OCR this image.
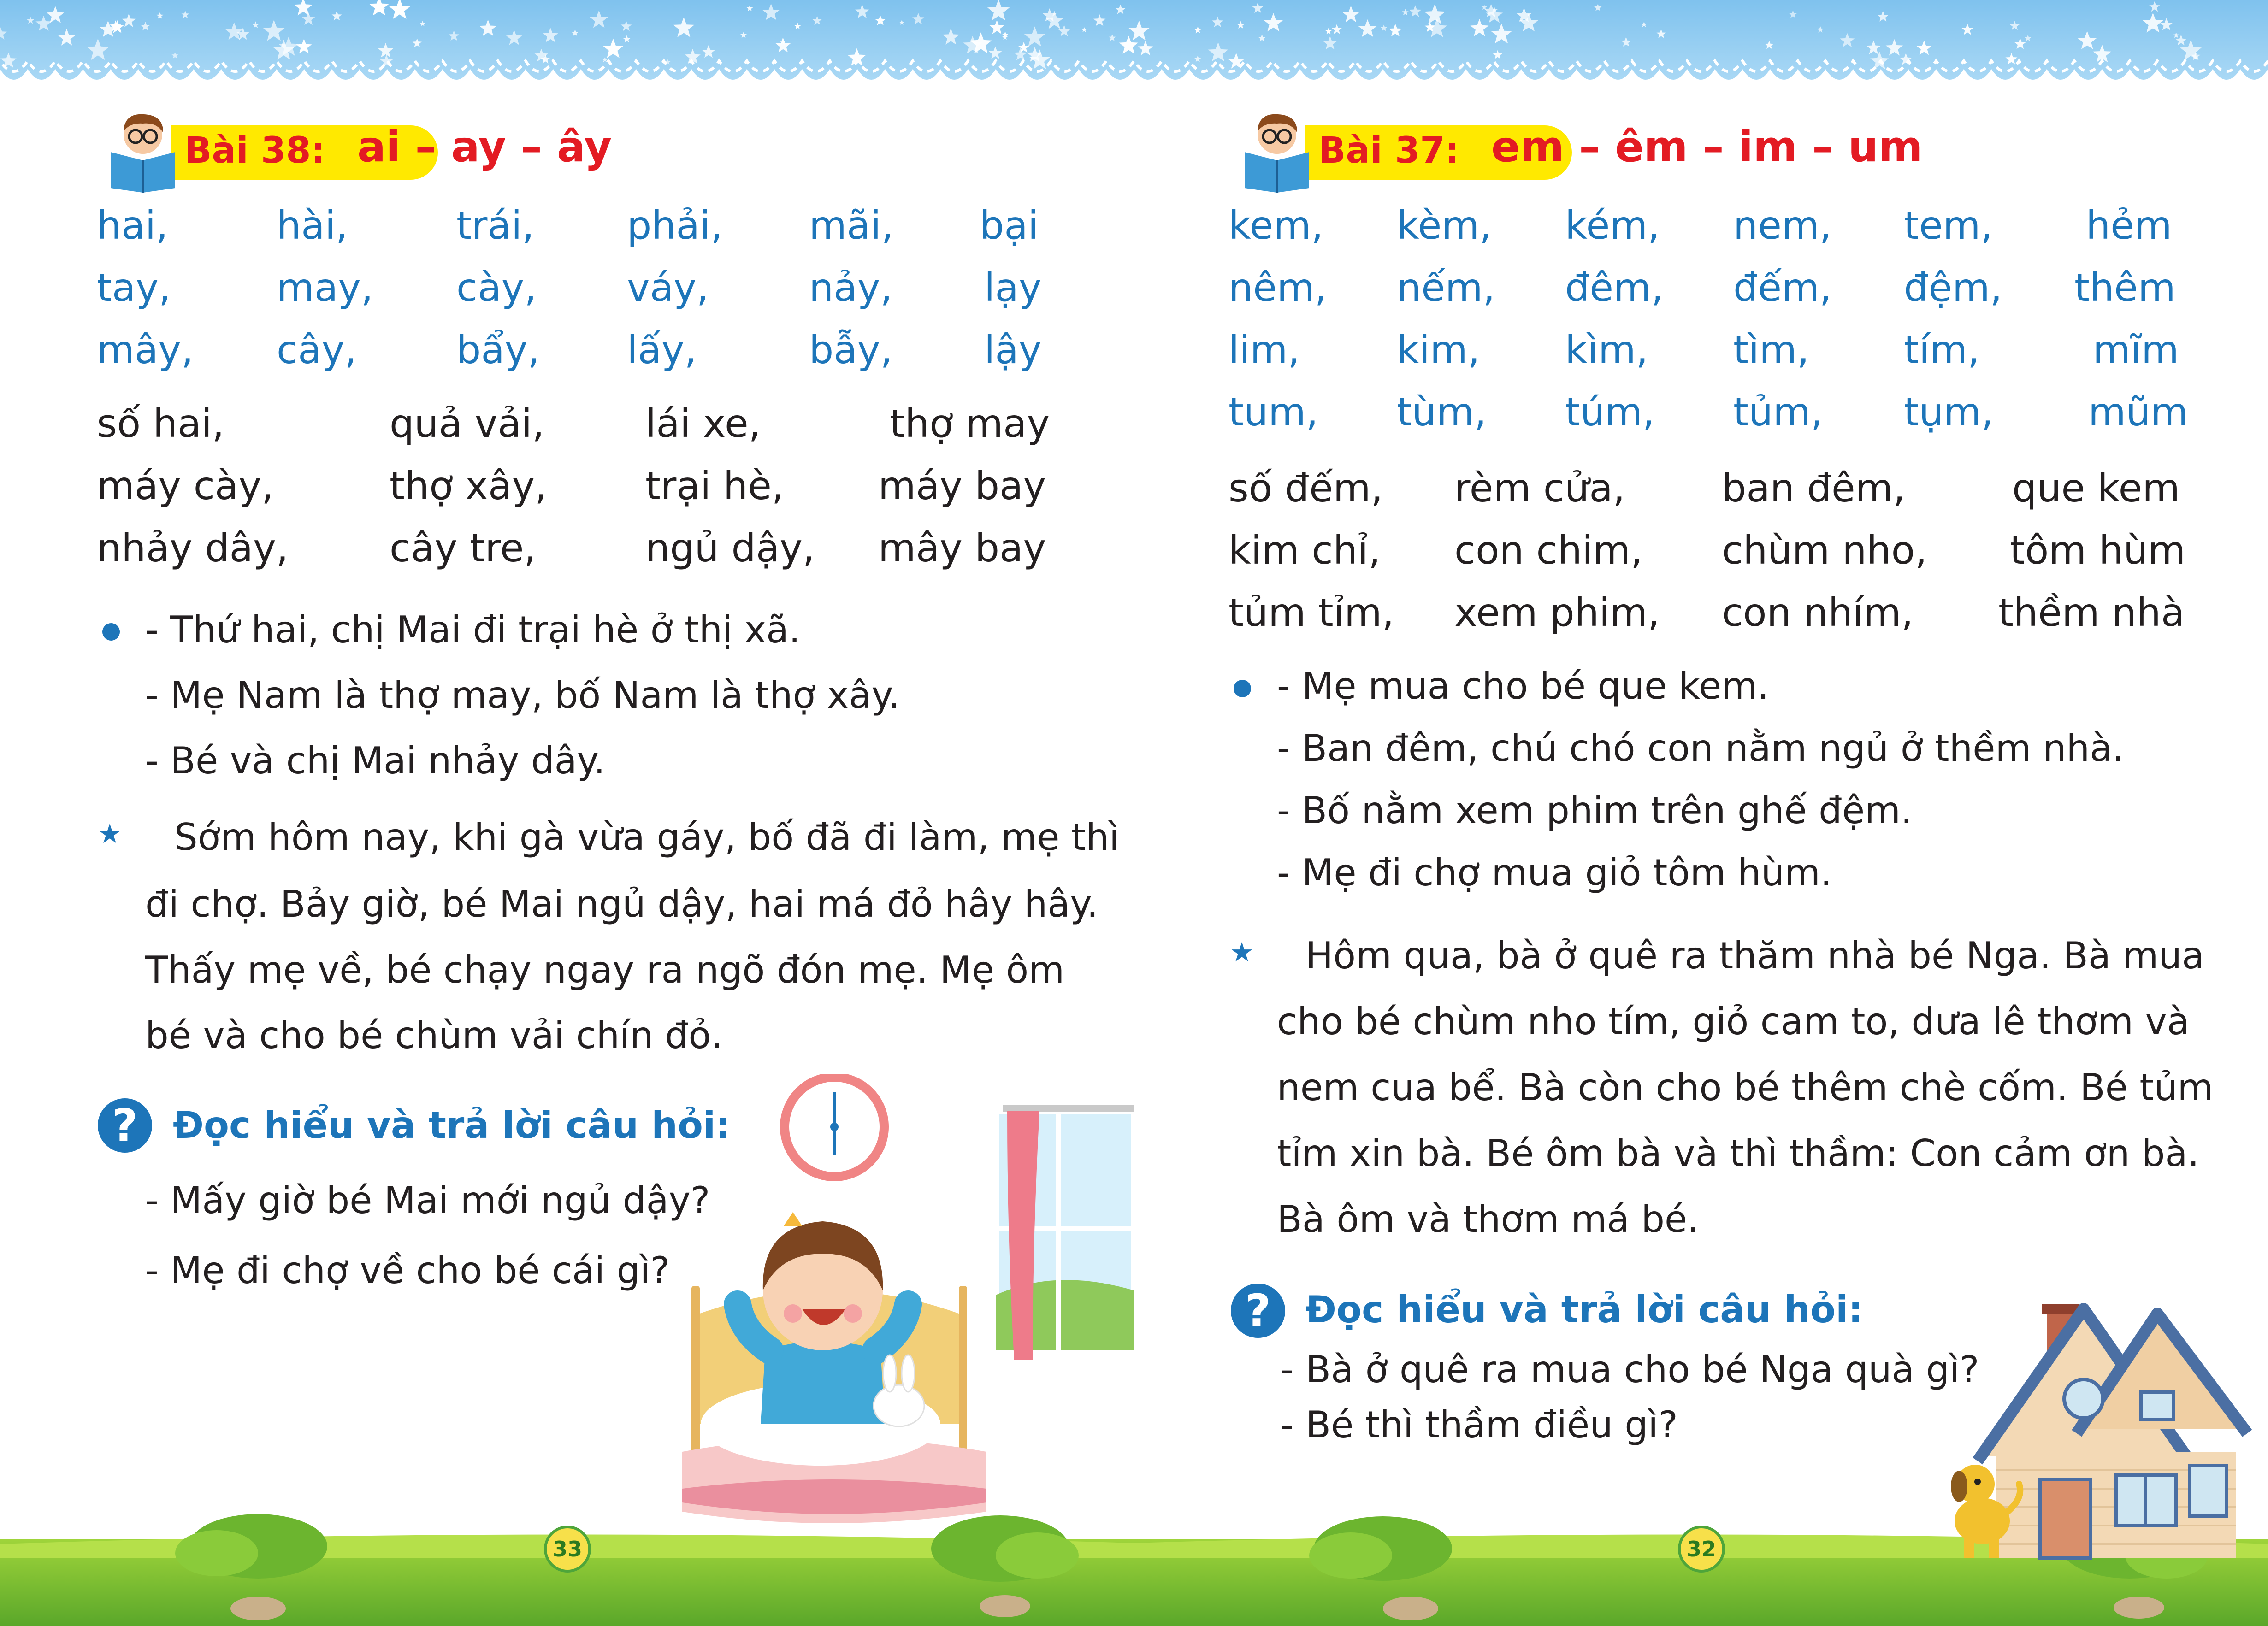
Bài 38: ai – ay – ây
hai,	hài,	trái, phải, mãi, bại
tay,	may, cày, váy,	nảy, lạy
mây, cây,	bẩy, lấy,	bẫy, lậy
số hai,	quả vải,	lái xe,	thợ may
máy cày,	thợ xây,	trại hè, máy bay
nhảy dây,	cây tre,	ngủ dậy, mây bay
- Thứ hai, chị Mai đi trại hè ở thị xã.
- Mẹ Nam là thợ may, bố Nam là thợ xây.
- Bé và chị Mai nhảy dây.
★ Sớm hôm nay, khi gà vừa gáy, bố đã đi làm, mẹ thì
đi chợ. Bảy giờ, bé Mai ngủ dậy, hai má đỏ hây hây.
Thấy mẹ về, bé chạy ngay ra ngõ đón mẹ. Mẹ ôm
bé và cho bé chùm vải chín đỏ.
? Đọc hiểu và trả lời câu hỏi:
- Mấy giờ bé Mai mới ngủ dậy?
- Mẹ đi chợ về cho bé cái gì?
33
Bài 37: em – êm – im – um
kem, kèm, kém, nem, tem, hẻm
nêm, nếm, đêm, đếm, đệm, thêm
lim, kim, kìm, tìm, tím,	mĩm
tum, tùm, túm, tủm, tụm, mũm
số đếm, rèm cửa, ban đêm,	que kem
kim chỉ, con chim, chùm nho, tôm hùm
tủm tỉm, xem phim, con nhím, thềm nhà
- Mẹ mua cho bé que kem.
- Ban đêm, chú chó con nằm ngủ ở thềm nhà.
- Bố nằm xem phim trên ghế đệm.
- Mẹ đi chợ mua giỏ tôm hùm.
★ Hôm qua, bà ở quê ra thăm nhà bé Nga. Bà mua
cho bé chùm nho tím, giỏ cam to, dưa lê thơm và
nem cua bể. Bà còn cho bé thêm chè cốm. Bé tủm
tỉm xin bà. Bé ôm bà và thì thầm: Con cảm ơn bà.
Bà ôm và thơm má bé.
? Đọc hiểu và trả lời câu hỏi:
- Bà ở quê ra mua cho bé Nga quà gì?
- Bé thì thầm điều gì?
32
